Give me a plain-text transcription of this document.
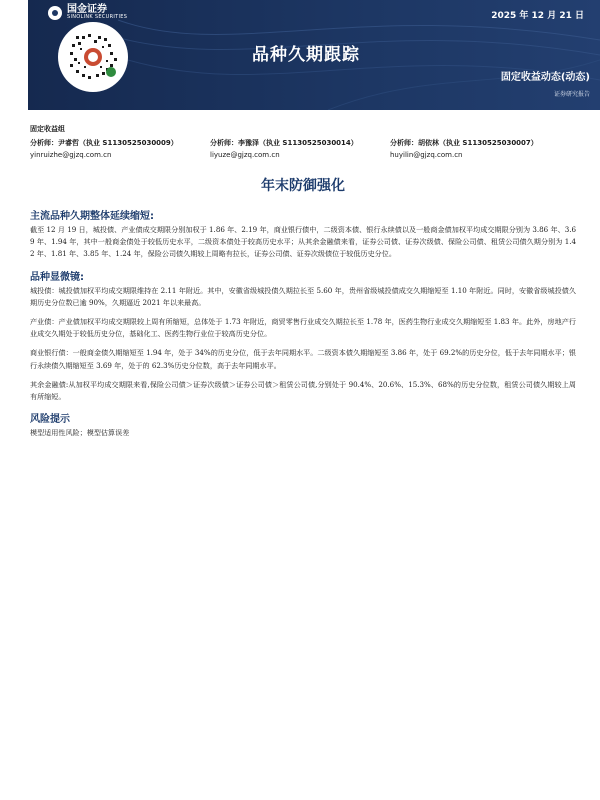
国金证券
SINOLINK SECURITIES	2025 年 12 月 21 日
品种久期跟踪
固定收益动态(动态)
证券研究报告
固定收益组
分析师：尹睿哲（执业 S1130525030009）
yinruizhe@gjzq.com.cn
分析师：李豫泽（执业 S1130525030014）
liyuze@gjzq.com.cn
分析师：胡依林（执业 S1130525030007）
huyilin@gjzq.com.cn
年末防御强化
主流品种久期整体延续缩短:

截至 12 月 19 日，城投债、产业债成交期限分别加权于 1.86 年、2.19 年，商业银行债中，二级资本债、银行永续债以及一般商金债加权平均成交期限分别为 3.86 年、3.69 年、1.94 年，其中一般商金债处于较低历史水平，二级资本债处于较高历史水平；从其余金融债来看，证券公司债、证券次级债、保险公司债、租赁公司债久期分别为 1.42 年、1.81 年、3.85 年、1.24 年，保险公司债久期较上周略有拉长，证券公司债、证券次级债位于较低历史分位。

品种显微镜:

城投债：城投债加权平均成交期限维持在 2.11 年附近。其中，安徽省级城投债久期拉长至 5.60 年，贵州省级城投债成交久期缩短至 1.10 年附近。同时，安徽省级城投债久期历史分位数已逾 90%，久期逼近 2021 年以来最高。

产业债：产业债加权平均成交期限较上周有所缩短，总体处于 1.73 年附近，商贸零售行业成交久期拉长至 1.78 年，医药生物行业成交久期缩短至 1.83 年。此外，房地产行业成交久期处于较低历史分位，基础化工、医药生物行业位于较高历史分位。

商业银行债：一般商金债久期缩短至 1.94 年，处于 34%的历史分位，低于去年同期水平。二级资本债久期缩短至 3.86 年，处于 69.2%的历史分位，低于去年同期水平；银行永续债久期缩短至 3.69 年，处于的 62.3%历史分位数，高于去年同期水平。

其余金融债:从加权平均成交期限来看,保险公司债＞证券次级债＞证券公司债＞租赁公司债,分别处于 90.4%、20.6%、15.3%、68%的历史分位数，租赁公司债久期较上周有所缩短。

风险提示

模型适用性风险；模型估算误差
